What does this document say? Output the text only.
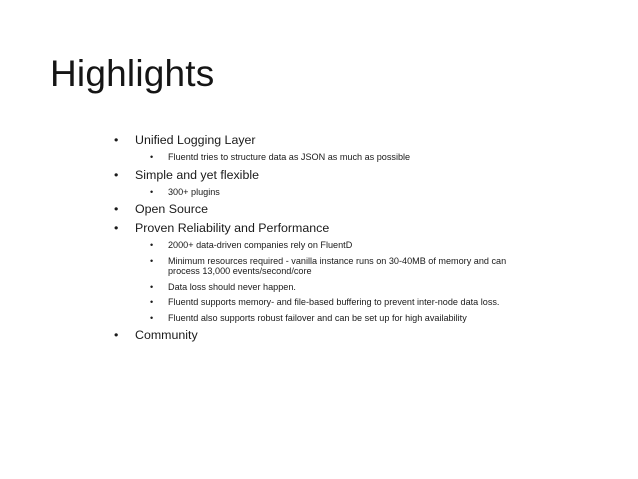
Highlights
• Unified Logging Layer
• Fluentd tries to structure data as JSON as much as possible
• Simple and yet flexible
• 300+ plugins
• Open Source
• Proven Reliability and Performance
• 2000+ data-driven companies rely on FluentD
• Minimum resources required - vanilla instance runs on 30-40MB of memory and can process 13,000 events/second/core
• Data loss should never happen.
• Fluentd supports memory- and file-based buffering to prevent inter-node data loss.
• Fluentd also supports robust failover and can be set up for high availability
• Community
